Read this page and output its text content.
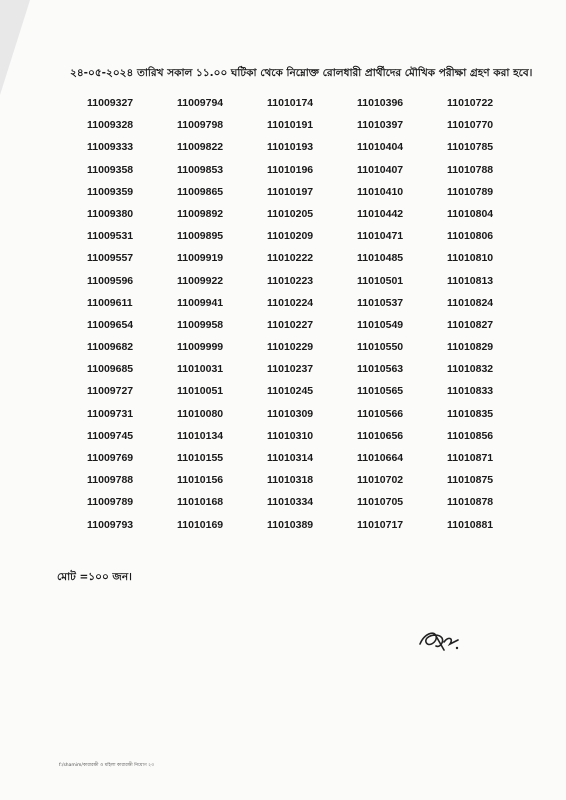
২৪-০৫-২০২৪ তারিখ সকাল ১১.০০ ঘটিকা থেকে নিম্নোক্ত রোলধারী প্রার্থীদের মৌখিক পরীক্ষা গ্রহণ করা হবে।
11009327	11009794	11010174	11010396	11010722
11009328	11009798	11010191	11010397	11010770
11009333	11009822	11010193	11010404	11010785
11009358	11009853	11010196	11010407	11010788
11009359	11009865	11010197	11010410	11010789
11009380	11009892	11010205	11010442	11010804
11009531	11009895	11010209	11010471	11010806
11009557	11009919	11010222	11010485	11010810
11009596	11009922	11010223	11010501	11010813
11009611	11009941	11010224	11010537	11010824
11009654	11009958	11010227	11010549	11010827
11009682	11009999	11010229	11010550	11010829
11009685	11010031	11010237	11010563	11010832
11009727	11010051	11010245	11010565	11010833
11009731	11010080	11010309	11010566	11010835
11009745	11010134	11010310	11010656	11010856
11009769	11010155	11010314	11010664	11010871
11009788	11010156	11010318	11010702	11010875
11009789	11010168	11010334	11010705	11010878
11009793	11010169	11010389	11010717	11010881
মোট =১০০ জন।
f:/shamim/কারারক্ষী ও মহিলা কারারক্ষী নিয়োগ ২৩
